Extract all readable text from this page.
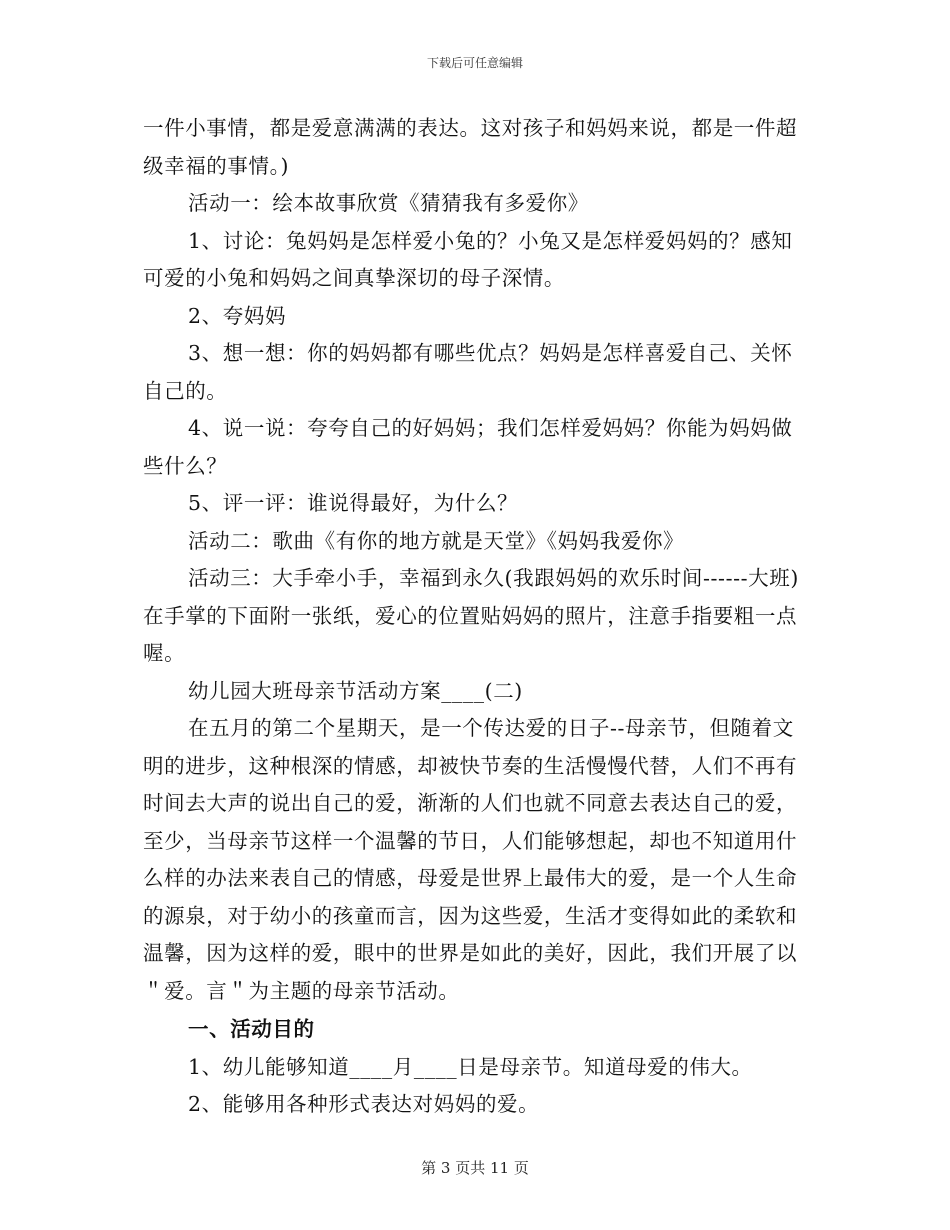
下载后可任意编辑

一件小事情，都是爱意满满的表达。这对孩子和妈妈来说，都是一件超级幸福的事情。)

活动一：绘本故事欣赏《猜猜我有多爱你》

1、讨论：兔妈妈是怎样爱小兔的？小兔又是怎样爱妈妈的？感知可爱的小兔和妈妈之间真挚深切的母子深情。

2、夸妈妈

3、想一想：你的妈妈都有哪些优点？妈妈是怎样喜爱自己、关怀自己的。

4、说一说：夸夸自己的好妈妈；我们怎样爱妈妈？你能为妈妈做些什么？

5、评一评：谁说得最好，为什么？

活动二：歌曲《有你的地方就是天堂》《妈妈我爱你》

活动三：大手牵小手，幸福到永久(我跟妈妈的欢乐时间------大班)在手掌的下面附一张纸，爱心的位置贴妈妈的照片，注意手指要粗一点喔。

幼儿园大班母亲节活动方案____(二)

在五月的第二个星期天，是一个传达爱的日子--母亲节，但随着文明的进步，这种根深的情感，却被快节奏的生活慢慢代替，人们不再有时间去大声的说出自己的爱，渐渐的人们也就不同意去表达自己的爱，至少，当母亲节这样一个温馨的节日，人们能够想起，却也不知道用什么样的办法来表自己的情感，母爱是世界上最伟大的爱，是一个人生命的源泉，对于幼小的孩童而言，因为这些爱，生活才变得如此的柔软和温馨，因为这样的爱，眼中的世界是如此的美好，因此，我们开展了以＂爱。言＂为主题的母亲节活动。

一、活动目的

1、幼儿能够知道____月____日是母亲节。知道母爱的伟大。

2、能够用各种形式表达对妈妈的爱。

第 3 页共 11 页
